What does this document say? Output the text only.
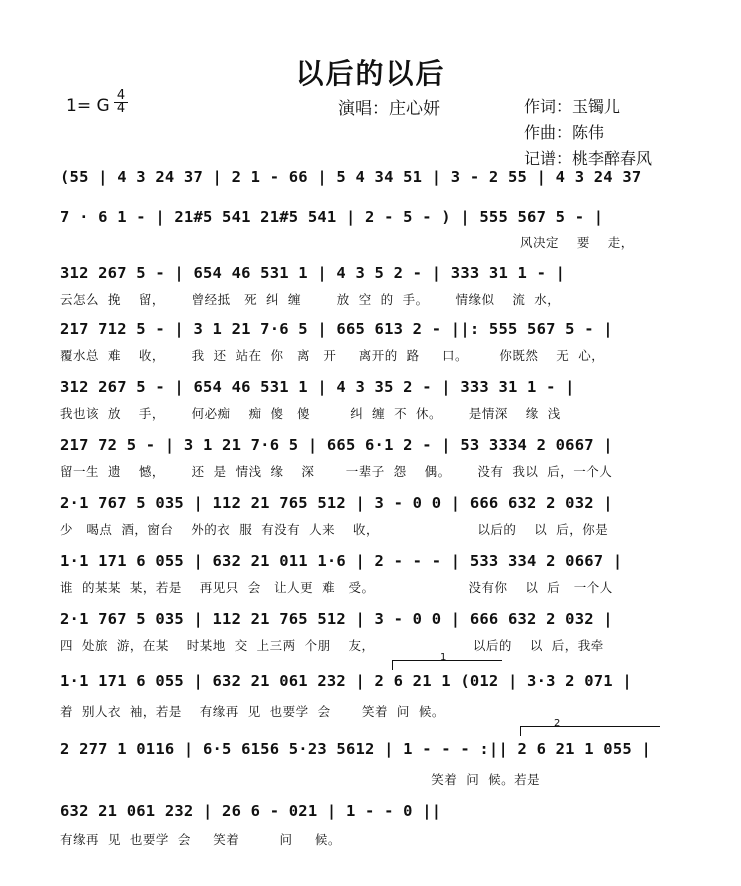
以后的以后
1= G $\frac{4}{4}$	演唱：庄心妍	作词：玉镯儿
作曲：陈伟
记谱：桃李醉春风
(55 | 4 3 24 37 | 2 1 - 66 | 5 4 34 51 | 3 - 2 55 | 4 3 24 37
7 · 6 1 - | 21#5 541 21#5 541 | 2 - 5 - ) | 555 567 5 - |
风决定    要    走，
312 267 5 - | 654 46 531 1 | 4 3 5 2 - | 333 31 1 - |
云怎么  挽    留，      曾经抵   死  纠  缠        放  空  的  手。      情缘似    流  水，
217 712 5 - | 3 1 21 7·6 5 | 665 613 2 - ||: 555 567 5 - |
覆水总  难    收，      我  还  站在  你   离   开     离开的  路     口。       你既然    无  心，
312 267 5 - | 654 46 531 1 | 4 3 35 2 - | 333 31 1 - |
我也该  放    手，      何必痴    痴  傻   傻         纠  缠  不  休。      是情深    缘  浅
217 72 5 - | 3 1 21 7·6 5 | 665 6·1 2 - | 53 3334 2 0667 |
留一生  遗    憾，      还  是  情浅  缘    深       一辈子  怨    偶。      没有  我以  后，一个人
2·1 767 5 035 | 112 21 765 512 | 3 - 0 0 | 666 632 2 032 |
少   喝点  酒，窗台    外的衣  服  有没有  人来    收，                      以后的    以  后，你是
1·1 171 6 055 | 632 21 011 1·6 | 2 - - - | 533 334 2 0667 |
谁  的某某  某，若是    再见只  会   让人更  难   受。                     没有你    以  后   一个人
2·1 767 5 035 | 112 21 765 512 | 3 - 0 0 | 666 632 2 032 |
四  处旅  游，在某    时某地  交  上三两  个朋    友，                      以后的    以  后，我牵
1
1·1 171 6 055 | 632 21 061 232 | 2 6 21 1 (012 | 3·3 2 071 |
着  别人衣  袖，若是    有缘再  见  也要学  会       笑着  问  候。
2
2 277 1 0116 | 6·5 6156 5·23 5612 | 1 - - - :|| 2 6 21 1 055 |
笑着  问  候。若是
632 21 061 232 | 26 6 - 021 | 1 - - 0 ||
有缘再  见  也要学  会     笑着         问     候。
